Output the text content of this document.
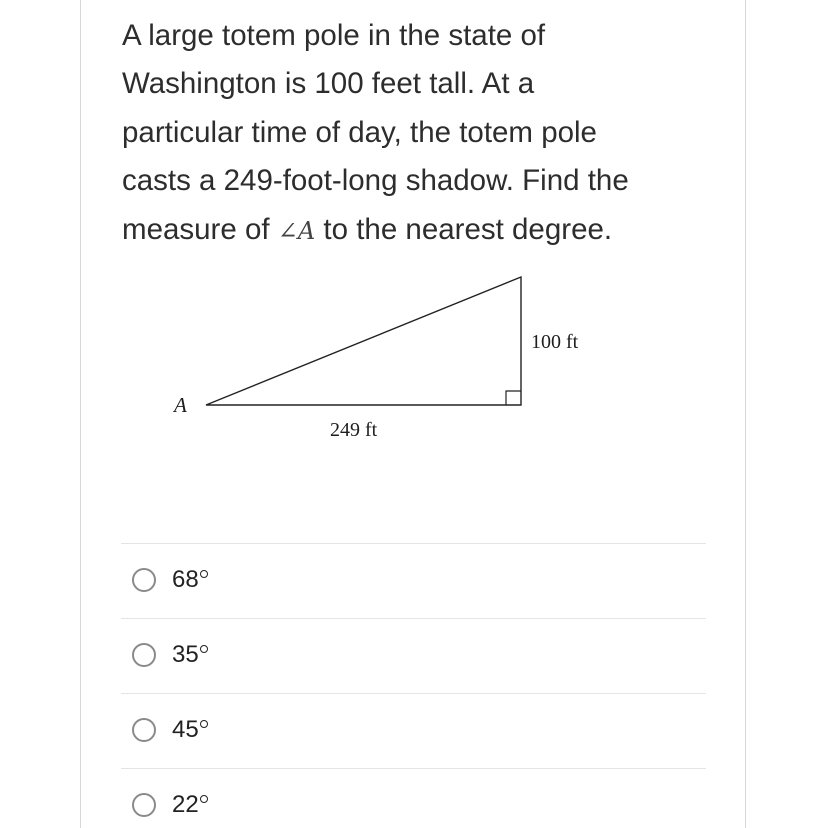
A large totem pole in the state of
Washington is 100 feet tall. At a
particular time of day, the totem pole
casts a 249-foot-long shadow. Find the
measure of ∠A to the nearest degree.

A
100 ft
249 ft
68
35
45
22
